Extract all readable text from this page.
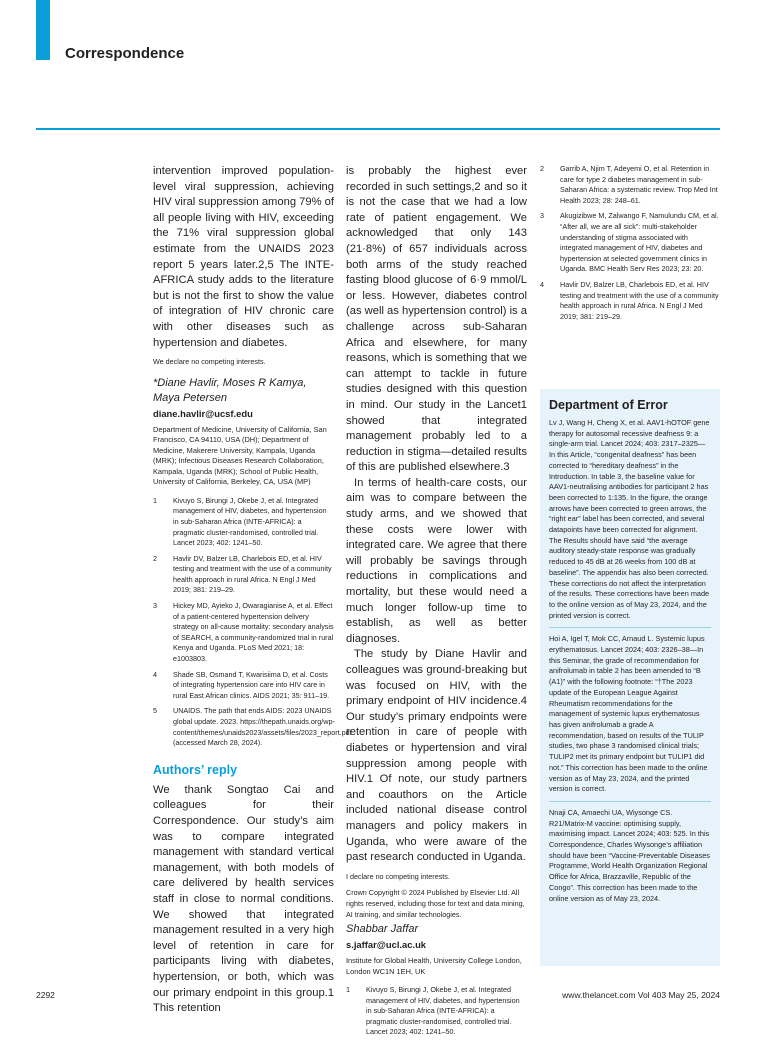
Correspondence

intervention improved population-level viral suppression, achieving HIV viral suppression among 79% of all people living with HIV, exceeding the 71% viral suppression global estimate from the UNAIDS 2023 report 5 years later.2,5 The INTE-AFRICA study adds to the literature but is not the first to show the value of integration of HIV chronic care with other diseases such as hypertension and diabetes.

We declare no competing interests.

*Diane Havlir, Moses R Kamya, Maya Petersen

diane.havlir@ucsf.edu

Department of Medicine, University of California, San Francisco, CA 94110, USA (DH); Department of Medicine, Makerere University, Kampala, Uganda (MRK); Infectious Diseases Research Collaboration, Kampala, Uganda (MRK); School of Public Health, University of California, Berkeley, CA, USA (MP)

1	Kivuyo S, Birungi J, Okebe J, et al. Integrated management of HIV, diabetes, and hypertension in sub-Saharan Africa (INTE-AFRICA): a pragmatic cluster-randomised, controlled trial. Lancet 2023; 402: 1241–50.
2	Havlir DV, Balzer LB, Charlebois ED, et al. HIV testing and treatment with the use of a community health approach in rural Africa. N Engl J Med 2019; 381: 219–29.
3	Hickey MD, Ayieko J, Owaragianise A, et al. Effect of a patient-centered hypertension delivery strategy on all-cause mortality: secondary analysis of SEARCH, a community-randomized trial in rural Kenya and Uganda. PLoS Med 2021; 18: e1003803.
4	Shade SB, Osmand T, Kwarisiima D, et al. Costs of integrating hypertension care into HIV care in rural East African clinics. AIDS 2021; 35: 911–19.
5	UNAIDS. The path that ends AIDS: 2023 UNAIDS global update. 2023. https://thepath.unaids.org/wp-content/themes/unaids2023/assets/files/2023_report.pdf (accessed March 28, 2024).
Authors’ reply

We thank Songtao Cai and colleagues for their Correspondence. Our study’s aim was to compare integrated management with standard vertical management, with both models of care delivered by health services staff in close to normal conditions. We showed that integrated management resulted in a very high level of retention in care for participants living with diabetes, hypertension, or both, which was our primary endpoint in this group.1 This retention

is probably the highest ever recorded in such settings,2 and so it is not the case that we had a low rate of patient engagement. We acknowledged that only 143 (21·8%) of 657 individuals across both arms of the study reached fasting blood glucose of 6·9 mmol/L or less. However, diabetes control (as well as hypertension control) is a challenge across sub-Saharan Africa and elsewhere, for many reasons, which is something that we can attempt to tackle in future studies designed with this question in mind. Our study in the Lancet1 showed that integrated management probably led to a reduction in stigma—detailed results of this are published elsewhere.3

In terms of health-care costs, our aim was to compare between the study arms, and we showed that these costs were lower with integrated care. We agree that there will probably be savings through reductions in complications and mortality, but these would need a much longer follow-up time to establish, as well as better diagnoses.

The study by Diane Havlir and colleagues was ground-breaking but was focused on HIV, with the primary endpoint of HIV incidence.4 Our study’s primary endpoints were retention in care of people with diabetes or hypertension and viral suppression among people with HIV.1 Of note, our study partners and coauthors on the Article included national disease control managers and policy makers in Uganda, who were aware of the past research conducted in Uganda.

I declare no competing interests.

Crown Copyright © 2024 Published by Elsevier Ltd. All rights reserved, including those for text and data mining, AI training, and similar technologies.

Shabbar Jaffar

s.jaffar@ucl.ac.uk

Institute for Global Health, University College London, London WC1N 1EH, UK

1	Kivuyo S, Birungi J, Okebe J, et al. Integrated management of HIV, diabetes, and hypertension in sub-Saharan Africa (INTE-AFRICA): a pragmatic cluster-randomised, controlled trial. Lancet 2023; 402: 1241–50.
2	Garrib A, Njim T, Adeyemi O, et al. Retention in care for type 2 diabetes management in sub-Saharan Africa: a systematic review. Trop Med Int Health 2023; 28: 248–61.
3	Akugizibwe M, Zalwango F, Namulundu CM, et al. “After all, we are all sick”: multi-stakeholder understanding of stigma associated with integrated management of HIV, diabetes and hypertension at selected government clinics in Uganda. BMC Health Serv Res 2023; 23: 20.
4	Havlir DV, Balzer LB, Charlebois ED, et al. HIV testing and treatment with the use of a community health approach in rural Africa. N Engl J Med 2019; 381: 219–29.
Department of Error

Lv J, Wang H, Cheng X, et al. AAV1-hOTOF gene therapy for autosomal recessive deafness 9: a single-arm trial. Lancet 2024; 403: 2317–2325—In this Article, “congenital deafness” has been corrected to “hereditary deafness” in the Introduction. In table 3, the baseline value for AAV1-neutralising antibodies for participant 2 has been corrected to 1:135. In the figure, the orange arrows have been corrected to green arrows, the “right ear” label has been corrected, and several datapoints have been corrected for alignment. The Results should have said “the average auditory steady-state response was gradually reduced to 45 dB at 26 weeks from 100 dB at baseline”. The appendix has also been corrected. These corrections do not affect the interpretation of the results. These corrections have been made to the online version as of May 23, 2024, and the printed version is correct.

Hoi A, Igel T, Mok CC, Arnaud L. Systemic lupus erythematosus. Lancet 2024; 403: 2326–38—In this Seminar, the grade of recommendation for anifrolumab in table 2 has been amended to “B (A1)” with the following footnote: “†The 2023 update of the European League Against Rheumatism recommendations for the management of systemic lupus erythematosus has given anifrolumab a grade A recommendation, based on results of the TULIP studies, two phase 3 randomised clinical trials; TULIP2 met its primary endpoint but TULIP1 did not.” This correction has been made to the online version as of May 23, 2024, and the printed version is correct.

Nnaji CA, Amaechi UA, Wiysonge CS. R21/Matrix-M vaccine: optimising supply, maximising impact. Lancet 2024; 403: 525. In this Correspondence, Charles Wiysonge’s affiliation should have been “Vaccine-Preventable Diseases Programme, World Health Organization Regional Office for Africa, Brazzaville, Republic of the Congo”. This correction has been made to the online version as of May 23, 2024.

2292	www.thelancet.com Vol 403 May 25, 2024
